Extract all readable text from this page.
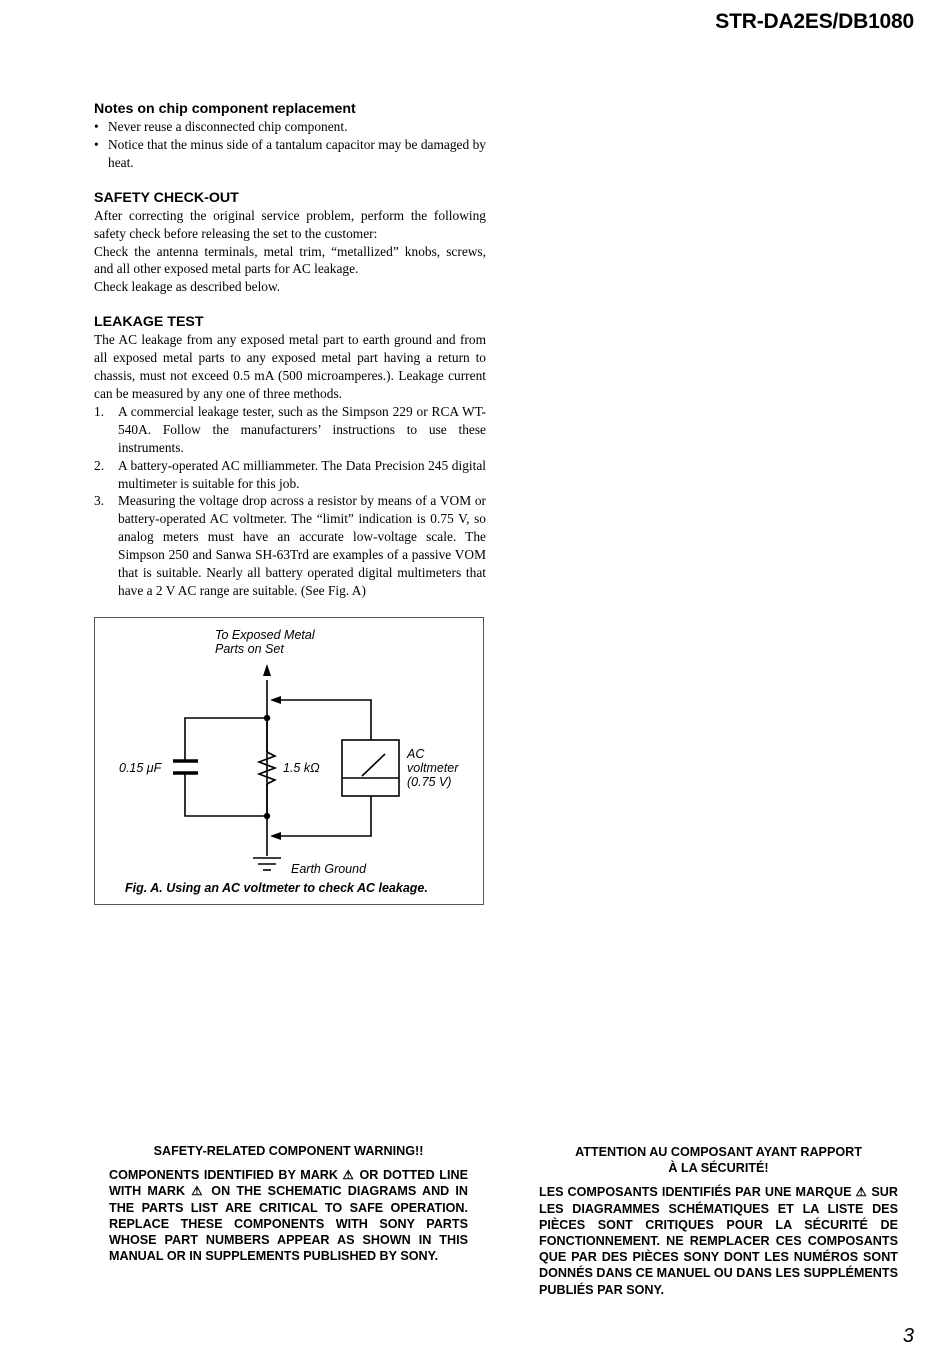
STR-DA2ES/DB1080
Notes on chip component replacement
• Never reuse a disconnected chip component.
• Notice that the minus side of a tantalum capacitor may be damaged by heat.
SAFETY CHECK-OUT

After correcting the original service problem, perform the following safety check before releasing the set to the customer:

Check the antenna terminals, metal trim, “metallized” knobs, screws, and all other exposed metal parts for AC leakage.

Check leakage as described below.

LEAKAGE TEST

The AC leakage from any exposed metal part to earth ground and from all exposed metal parts to any exposed metal part having a return to chassis, must not exceed 0.5 mA (500 microamperes.). Leakage current can be measured by any one of three methods.

1. A commercial leakage tester, such as the Simpson 229 or RCA WT-540A. Follow the manufacturers’ instructions to use these instruments.
2. A battery-operated AC milliammeter. The Data Precision 245 digital multimeter is suitable for this job.
3. Measuring the voltage drop across a resistor by means of a VOM or battery-operated AC voltmeter. The “limit” indication is 0.75 V, so analog meters must have an accurate low-voltage scale. The Simpson 250 and Sanwa SH-63Trd are examples of a passive VOM that is suitable. Nearly all battery operated digital multimeters that have a 2 V AC range are suitable. (See Fig. A)
To Exposed Metal
Parts on Set
0.15 μF	1.5 kΩ
AC
voltmeter
(0.75 V)
Earth Ground
Fig. A. Using an AC voltmeter to check AC leakage.

SAFETY-RELATED COMPONENT WARNING!!

COMPONENTS IDENTIFIED BY MARK ⚠ OR DOTTED LINE WITH MARK ⚠ ON THE SCHEMATIC DIAGRAMS AND IN THE PARTS LIST ARE CRITICAL TO SAFE OPERATION. REPLACE THESE COMPONENTS WITH SONY PARTS WHOSE PART NUMBERS APPEAR AS SHOWN IN THIS MANUAL OR IN SUPPLEMENTS PUBLISHED BY SONY.

ATTENTION AU COMPOSANT AYANT RAPPORT

À LA SÉCURITÉ!

LES COMPOSANTS IDENTIFIÉS PAR UNE MARQUE ⚠ SUR LES DIAGRAMMES SCHÉMATIQUES ET LA LISTE DES PIÈCES SONT CRITIQUES POUR LA SÉCURITÉ DE FONCTIONNEMENT. NE REMPLACER CES COMPOSANTS QUE PAR DES PIÈCES SONY DONT LES NUMÉROS SONT DONNÉS DANS CE MANUEL OU DANS LES SUPPLÉMENTS PUBLIÉS PAR SONY.

3
